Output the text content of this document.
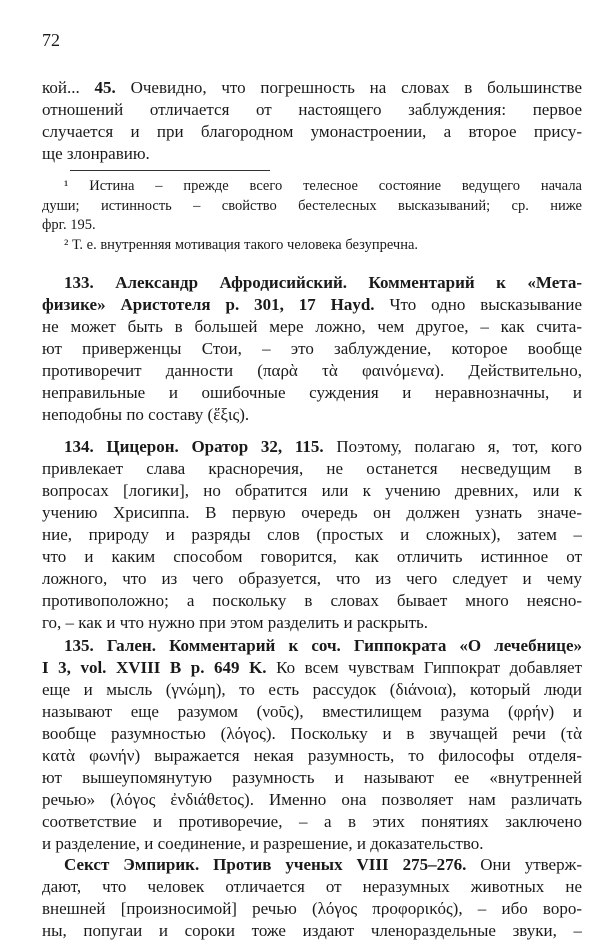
72
кой... 45. Очевидно, что погрешность на словах в большинстве
отношений отличается от настоящего заблуждения: первое
случается и при благородном умонастроении, а второе прису-
ще злонравию.
¹ Истина – прежде всего телесное состояние ведущего начала
души; истинность – свойство бестелесных высказываний; ср. ниже
фрг. 195.
² Т. е. внутренняя мотивация такого человека безупречна.
133. Александр Афродисийский. Комментарий к «Мета-
физике» Аристотеля p. 301, 17 Hayd. Что одно высказывание
не может быть в большей мере ложно, чем другое, – как счита-
ют приверженцы Стои, – это заблуждение, которое вообще
противоречит данности (παρὰ τὰ φαινόμενα). Действительно,
неправильные и ошибочные суждения и неравнозначны, и
неподобны по составу (ἕξις).
134. Цицерон. Оратор 32, 115. Поэтому, полагаю я, тот, кого
привлекает слава красноречия, не останется несведущим в
вопросах [логики], но обратится или к учению древних, или к
учению Хрисиппа. В первую очередь он должен узнать значе-
ние, природу и разряды слов (простых и сложных), затем –
что и каким способом говорится, как отличить истинное от
ложного, что из чего образуется, что из чего следует и чему
противоположно; а поскольку в словах бывает много неясно-
го, – как и что нужно при этом разделить и раскрыть.
135. Гален. Комментарий к соч. Гиппократа «О лечебнице»
I 3, vol. XVIII B p. 649 K. Ко всем чувствам Гиппократ добавляет
еще и мысль (γνώμη), то есть рассудок (διάνοια), который люди
называют еще разумом (νοῦς), вместилищем разума (φρήν) и
вообще разумностью (λόγος). Поскольку и в звучащей речи (τὰ
κατὰ φωνήν) выражается некая разумность, то философы отделя-
ют вышеупомянутую разумность и называют ее «внутренней
речью» (λόγος ἐνδιάθετος). Именно она позволяет нам различать
соответствие и противоречие, – а в этих понятиях заключено
и разделение, и соединение, и разрешение, и доказательство.
Секст Эмпирик. Против ученых VIII 275–276. Они утверж-
дают, что человек отличается от неразумных животных не
внешней [произносимой] речью (λόγος προφορικός), – ибо воро-
ны, попугаи и сороки тоже издают членораздельные звуки, –
